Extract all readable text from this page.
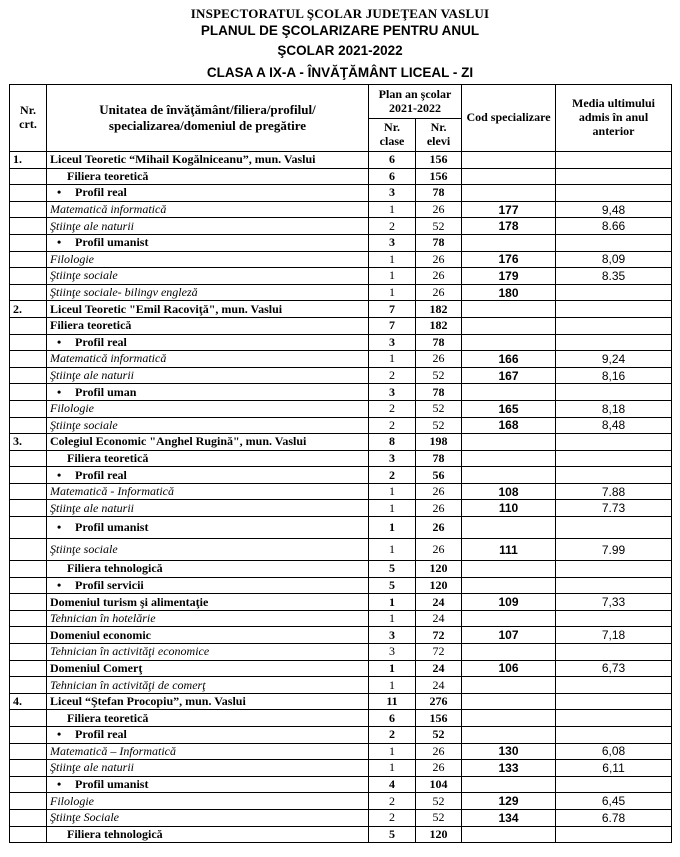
INSPECTORATUL ŞCOLAR JUDEŢEAN VASLUI
PLANUL DE ŞCOLARIZARE PENTRU ANUL
ŞCOLAR 2021-2022
CLASA A IX-A - ÎNVĂŢĂMÂNT LICEAL - ZI
Nr. crt.	Unitatea de învăţământ/filiera/profilul/ specializarea/domeniul de pregătire	Plan an şcolar 2021-2022		Cod specializare	Media ultimului admis în anul anterior
		Nr. clase	Nr. elevi		
1.	Liceul Teoretic “Mihail Kogălniceanu”, mun. Vaslui	6	156		
	Filiera teoretică	6	156		
	• Profil real	3	78		
	Matematică informatică	1	26	177	9,48
	Ştiinţe ale naturii	2	52	178	8.66
	• Profil umanist	3	78		
	Filologie	1	26	176	8,09
	Ştiinţe sociale	1	26	179	8.35
	Ştiinţe sociale- bilingv engleză	1	26	180	
2.	Liceul Teoretic "Emil Racoviţă", mun. Vaslui	7	182		
	Filiera teoretică	7	182		
	• Profil real	3	78		
	Matematică informatică	1	26	166	9,24
	Ştiinţe ale naturii	2	52	167	8,16
	• Profil uman	3	78		
	Filologie	2	52	165	8,18
	Ştiinţe sociale	2	52	168	8,48
3.	Colegiul Economic "Anghel Rugină", mun. Vaslui	8	198		
	Filiera teoretică	3	78		
	• Profil real	2	56		
	Matematică - Informatică	1	26	108	7.88
	Ştiinţe ale naturii	1	26	110	7.73
	• Profil umanist	1	26		
	Ştiinţe sociale	1	26	111	7.99
	Filiera tehnologică	5	120		
	• Profil servicii	5	120		
	Domeniul turism şi alimentaţie	1	24	109	7,33
	Tehnician în hotelărie	1	24		
	Domeniul economic	3	72	107	7,18
	Tehnician în activităţi economice	3	72		
	Domeniul Comerţ	1	24	106	6,73
	Tehnician în activităţi de comerţ	1	24		
4.	Liceul “Ştefan Procopiu”, mun. Vaslui	11	276		
	Filiera teoretică	6	156		
	• Profil real	2	52		
	Matematică – Informatică	1	26	130	6,08
	Ştiinţe ale naturii	1	26	133	6,11
	• Profil umanist	4	104		
	Filologie	2	52	129	6,45
	Ştiinţe Sociale	2	52	134	6.78
	Filiera tehnologică	5	120		
